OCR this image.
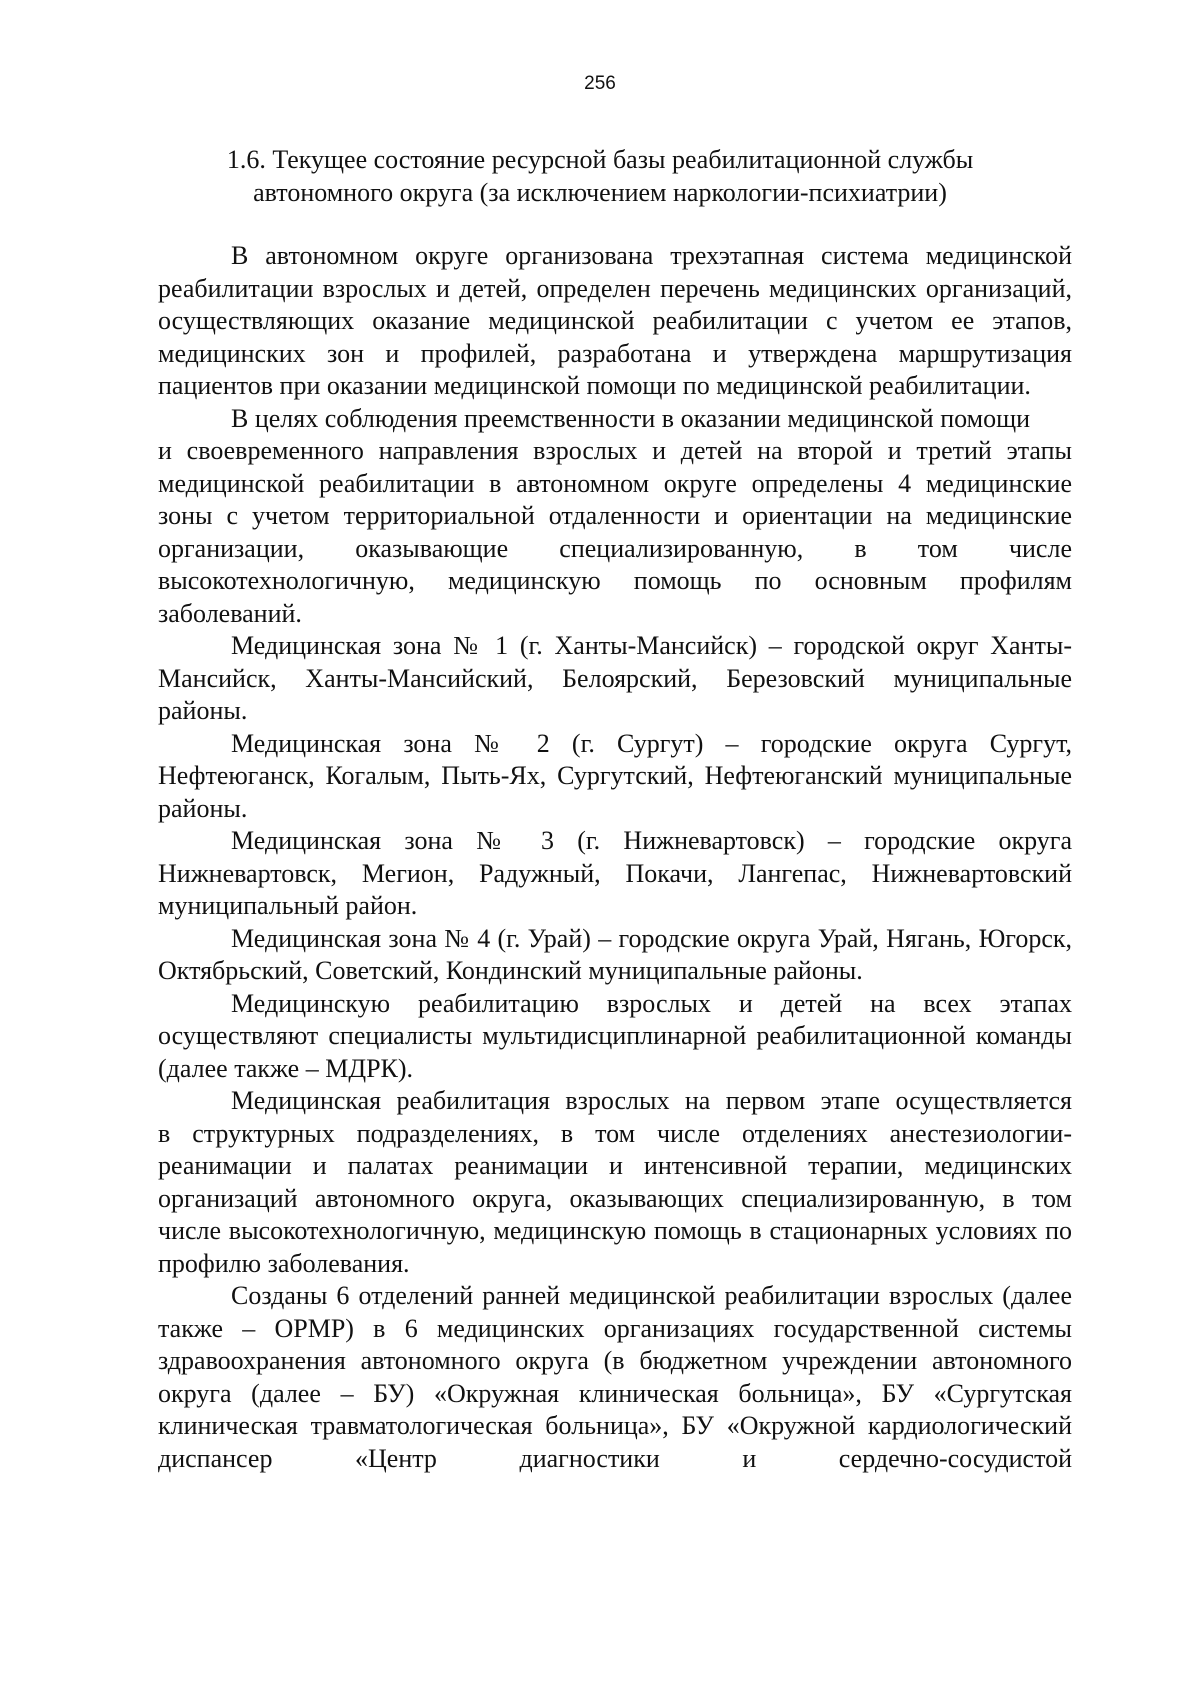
256
1.6. Текущее состояние ресурсной базы реабилитационной службы
автономного округа (за исключением наркологии-психиатрии)

В автономном округе организована трехэтапная система медицинской реабилитации взрослых и детей, определен перечень медицинских организаций, осуществляющих оказание медицинской реабилитации с учетом ее этапов, медицинских зон и профилей, разработана и утверждена маршрутизация пациентов при оказании медицинской помощи по медицинской реабилитации.

В целях соблюдения преемственности в оказании медицинской помощи

и своевременного направления взрослых и детей на второй и третий этапы медицинской реабилитации в автономном округе определены 4 медицинские зоны с учетом территориальной отдаленности и ориентации на медицинские организации, оказывающие специализированную, в том числе высокотехнологичную, медицинскую помощь по основным профилям заболеваний.

Медицинская зона № 1 (г. Ханты-Мансийск) – городской округ Ханты-Мансийск, Ханты-Мансийский, Белоярский, Березовский муниципальные районы.

Медицинская зона № 2 (г. Сургут) – городские округа Сургут, Нефтеюганск, Когалым, Пыть-Ях, Сургутский, Нефтеюганский муниципальные районы.

Медицинская зона № 3 (г. Нижневартовск) – городские округа Нижневартовск, Мегион, Радужный, Покачи, Лангепас, Нижневартовский муниципальный район.

Медицинская зона № 4 (г. Урай) – городские округа Урай, Нягань, Югорск, Октябрьский, Советский, Кондинский муниципальные районы.

Медицинскую реабилитацию взрослых и детей на всех этапах осуществляют специалисты мультидисциплинарной реабилитационной команды (далее также – МДРК).

Медицинская реабилитация взрослых на первом этапе осуществляется

в структурных подразделениях, в том числе отделениях анестезиологии-реанимации и палатах реанимации и интенсивной терапии, медицинских организаций автономного округа, оказывающих специализированную, в том числе высокотехнологичную, медицинскую помощь в стационарных условиях по профилю заболевания.

Созданы 6 отделений ранней медицинской реабилитации взрослых (далее также – ОРМР) в 6 медицинских организациях государственной системы здравоохранения автономного округа (в бюджетном учреждении автономного округа (далее – БУ) «Окружная клиническая больница», БУ «Сургутская клиническая травматологическая больница», БУ «Окружной кардиологический диспансер «Центр диагностики и сердечно-сосудистой
